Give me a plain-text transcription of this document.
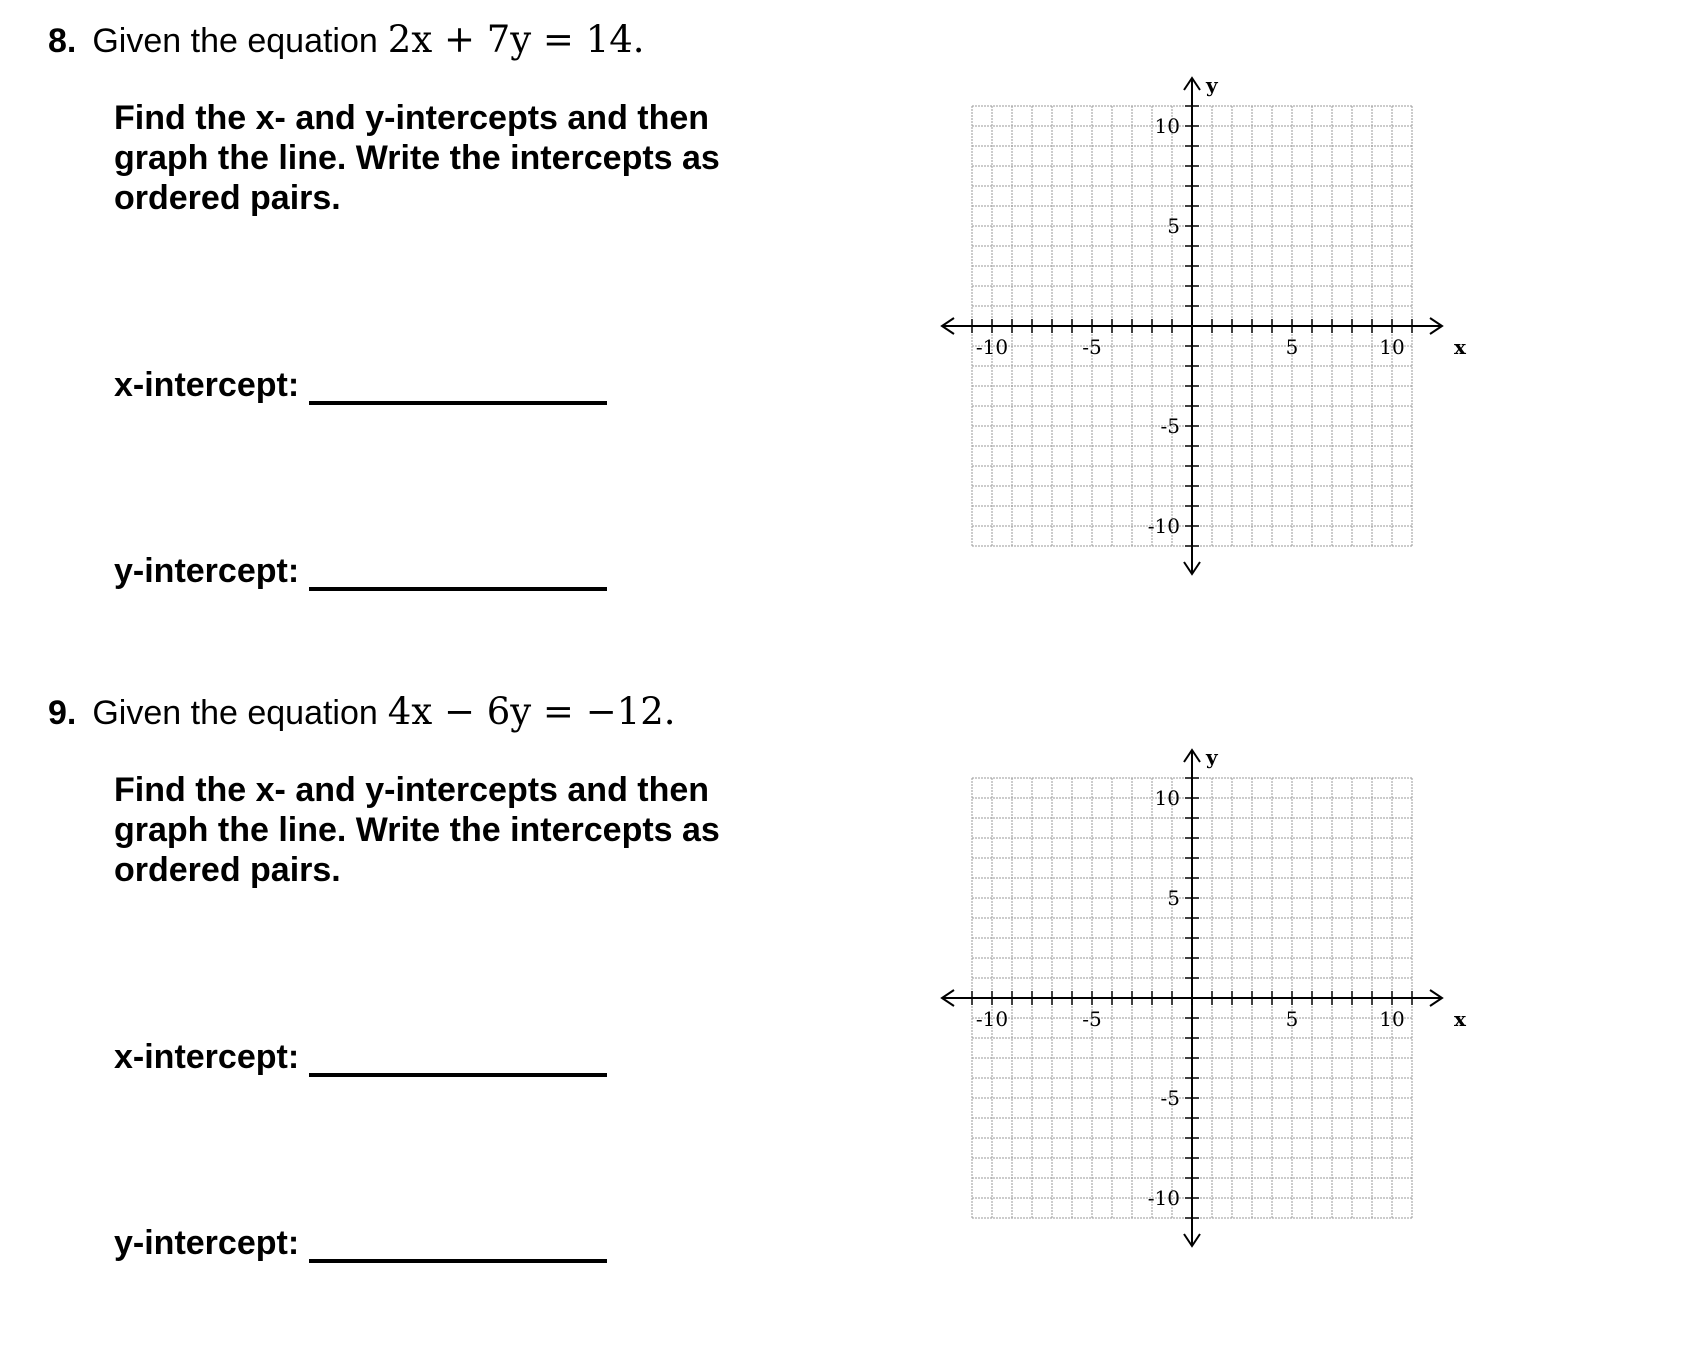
8. Given the equation 2x + 7y = 14.
Find the x- and y-intercepts and then graph the line. Write the intercepts as ordered pairs.
x-intercept:
y-intercept:
-10	-5	5	10
10
5
-5
-10
x
y
9. Given the equation 4x − 6y = −12.
Find the x- and y-intercepts and then graph the line. Write the intercepts as ordered pairs.
x-intercept:
y-intercept:
-10	-5	5	10
10
5
-5
-10
x
y
